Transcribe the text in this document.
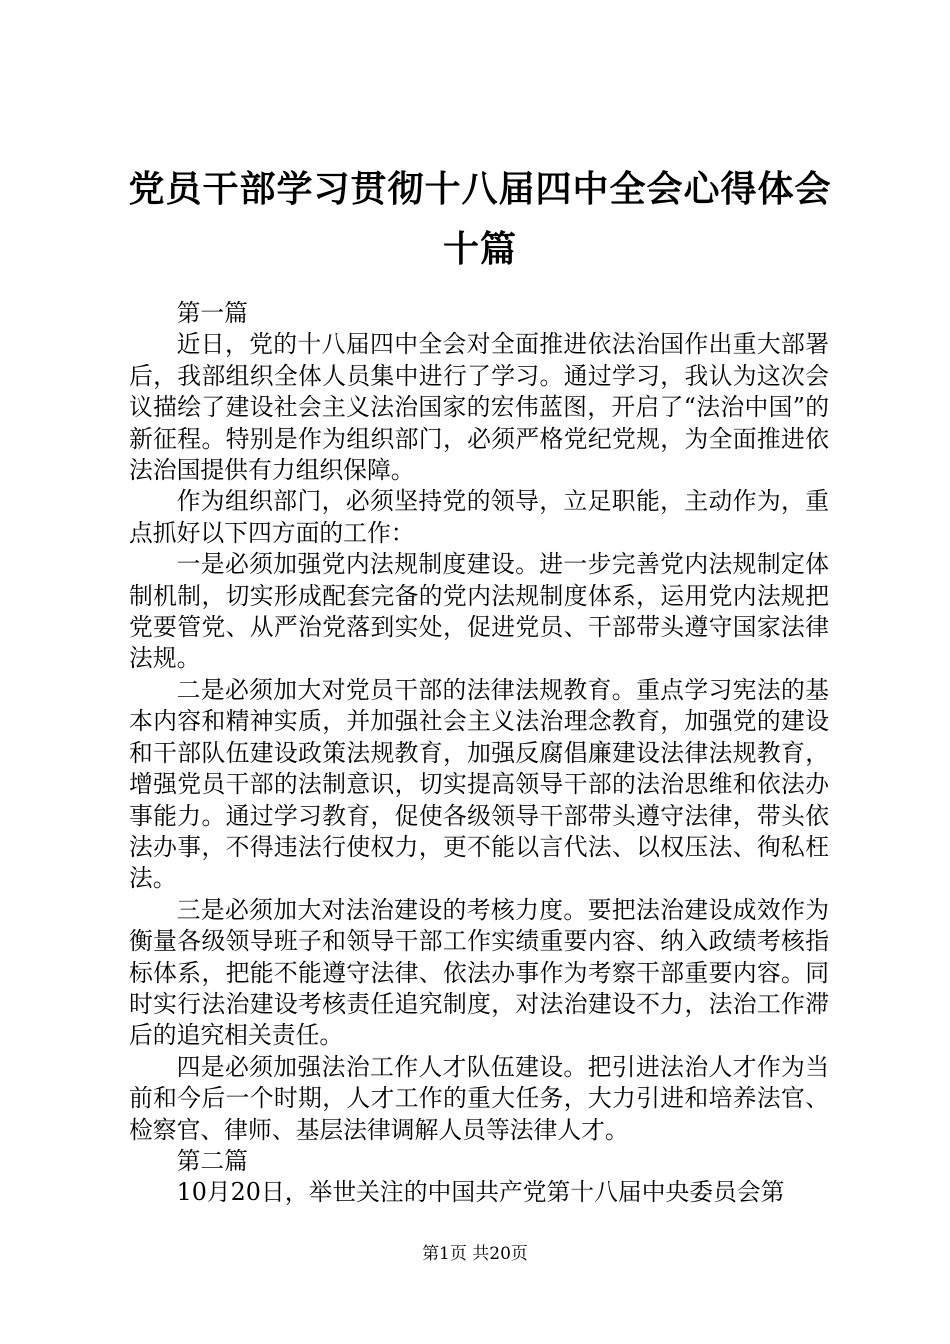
党员干部学习贯彻十八届四中全会心得体会十篇

第一篇

近日，党的十八届四中全会对全面推进依法治国作出重大部署后，我部组织全体人员集中进行了学习。通过学习，我认为这次会议描绘了建设社会主义法治国家的宏伟蓝图，开启了“法治中国”的新征程。特别是作为组织部门，必须严格党纪党规，为全面推进依法治国提供有力组织保障。

作为组织部门，必须坚持党的领导，立足职能，主动作为，重点抓好以下四方面的工作：

一是必须加强党内法规制度建设。进一步完善党内法规制定体制机制，切实形成配套完备的党内法规制度体系，运用党内法规把党要管党、从严治党落到实处，促进党员、干部带头遵守国家法律法规。

二是必须加大对党员干部的法律法规教育。重点学习宪法的基本内容和精神实质，并加强社会主义法治理念教育，加强党的建设和干部队伍建设政策法规教育，加强反腐倡廉建设法律法规教育，增强党员干部的法制意识，切实提高领导干部的法治思维和依法办事能力。通过学习教育，促使各级领导干部带头遵守法律，带头依法办事，不得违法行使权力，更不能以言代法、以权压法、徇私枉法。

三是必须加大对法治建设的考核力度。要把法治建设成效作为衡量各级领导班子和领导干部工作实绩重要内容、纳入政绩考核指标体系，把能不能遵守法律、依法办事作为考察干部重要内容。同时实行法治建设考核责任追究制度，对法治建设不力，法治工作滞后的追究相关责任。

四是必须加强法治工作人才队伍建设。把引进法治人才作为当前和今后一个时期，人才工作的重大任务，大力引进和培养法官、检察官、律师、基层法律调解人员等法律人才。

第二篇

10月20日，举世关注的中国共产党第十八届中央委员会第

第1页 共20页
